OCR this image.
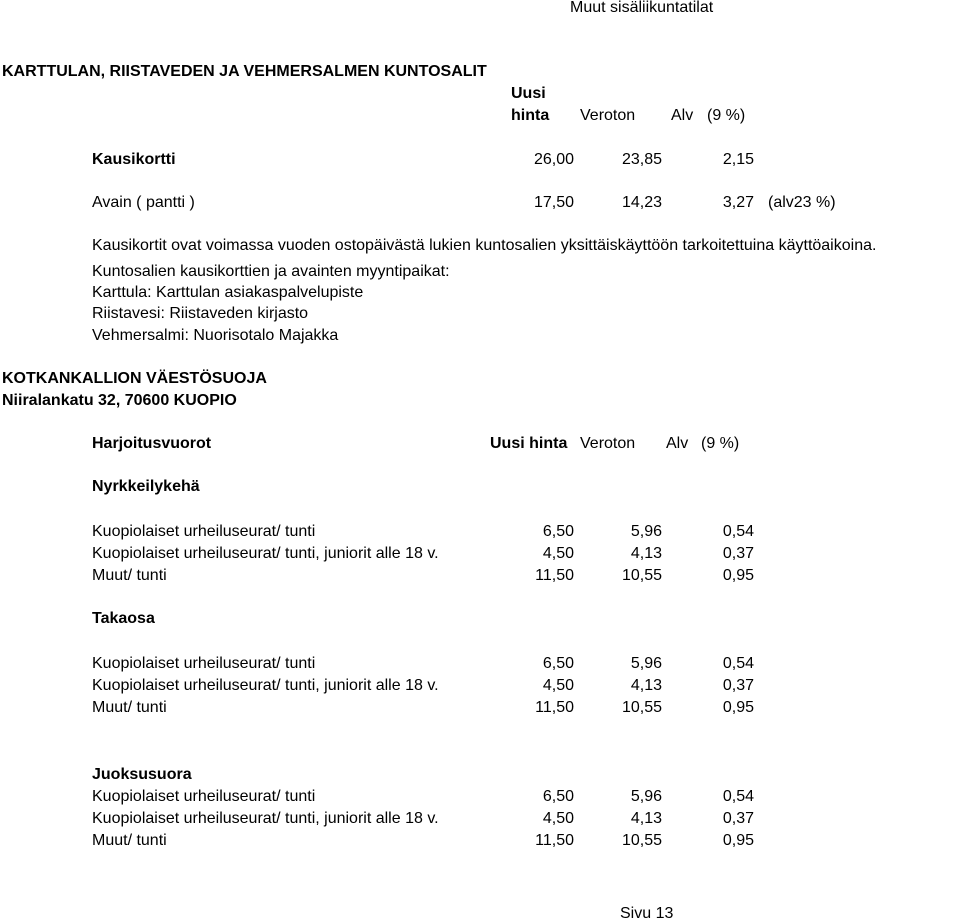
Muut sisäliikuntatilat
KARTTULAN, RIISTAVEDEN JA VEHMERSALMEN KUNTOSALIT
Uusi
hinta Veroton Alv (9 %)
Kausikortti	26,00	23,85	2,15
Avain ( pantti )	17,50	14,23	3,27 (alv23 %)
Kausikortit ovat voimassa vuoden ostopäivästä lukien kuntosalien yksittäiskäyttöön tarkoitettuina käyttöaikoina.
Kuntosalien kausikorttien ja avainten myyntipaikat:
Karttula: Karttulan asiakaspalvelupiste
Riistavesi: Riistaveden kirjasto
Vehmersalmi: Nuorisotalo Majakka
KOTKANKALLION VÄESTÖSUOJA
Niiralankatu 32, 70600 KUOPIO
Harjoitusvuorot	Uusi hinta Veroton Alv (9 %)
Nyrkkeilykehä
Kuopiolaiset urheiluseurat/ tunti	6,50	5,96	0,54
Kuopiolaiset urheiluseurat/ tunti, juniorit alle 18 v.	4,50	4,13	0,37
Muut/ tunti	11,50	10,55	0,95
Takaosa
Kuopiolaiset urheiluseurat/ tunti	6,50	5,96	0,54
Kuopiolaiset urheiluseurat/ tunti, juniorit alle 18 v.	4,50	4,13	0,37
Muut/ tunti	11,50	10,55	0,95
Juoksusuora
Kuopiolaiset urheiluseurat/ tunti	6,50	5,96	0,54
Kuopiolaiset urheiluseurat/ tunti, juniorit alle 18 v.	4,50	4,13	0,37
Muut/ tunti	11,50	10,55	0,95
Sivu 13
